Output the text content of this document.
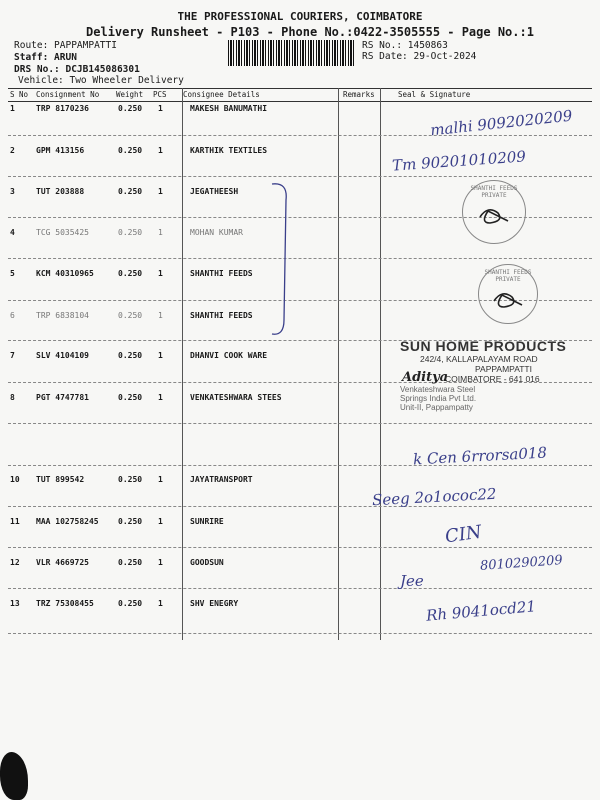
THE PROFESSIONAL COURIERS, COIMBATORE
Delivery Runsheet - P103 - Phone No.:0422-3505555 - Page No.:1
Route: PAPPAMPATTI
Staff: ARUN
DRS No.: DCJB145086301
Vehicle: Two Wheeler Delivery
RS No.: 1450863
RS Date: 29-Oct-2024
S No Consignment No Weight PCS Consignee Details	Remarks	Seal & Signature
1	TRP 8170236	0.250 1	MAKESH BANUMATHI
2	GPM 413156	0.250 1	KARTHIK TEXTILES
3	TUT 203888	0.250 1	JEGATHEESH
4	TCG 5035425	0.250 1	MOHAN KUMAR
5	KCM 40310965	0.250 1	SHANTHI FEEDS
6	TRP 6838104	0.250 1	SHANTHI FEEDS
7	SLV 4104109	0.250 1	DHANVI COOK WARE
8	PGT 4747781	0.250 1	VENKATESHWARA STEES
10 TUT 899542	0.250 1	JAYATRANSPORT
11 MAA 102758245 0.250 1	SUNRIRE
12 VLR 4669725	0.250 1	GOODSUN
13 TRZ 75308455	0.250 1	SHV ENEGRY
malhi 9092020209
Tm 90201010209
k Cen 6rrorsa018
Seeg 2o1ococ22
CIN
8010290209
Jee
Rh 9041ocd21
SHANTHI FEEDS PRIVATE
SHANTHI FEEDS PRIVATE
SUN HOME PRODUCTS
242/4, KALLAPALAYAM ROAD
PAPPAMPATTI
COIMBATORE - 641 016
Venkateshwara Steel
Springs India Pvt Ltd.
Unit-II, Pappampatty
Aditya
